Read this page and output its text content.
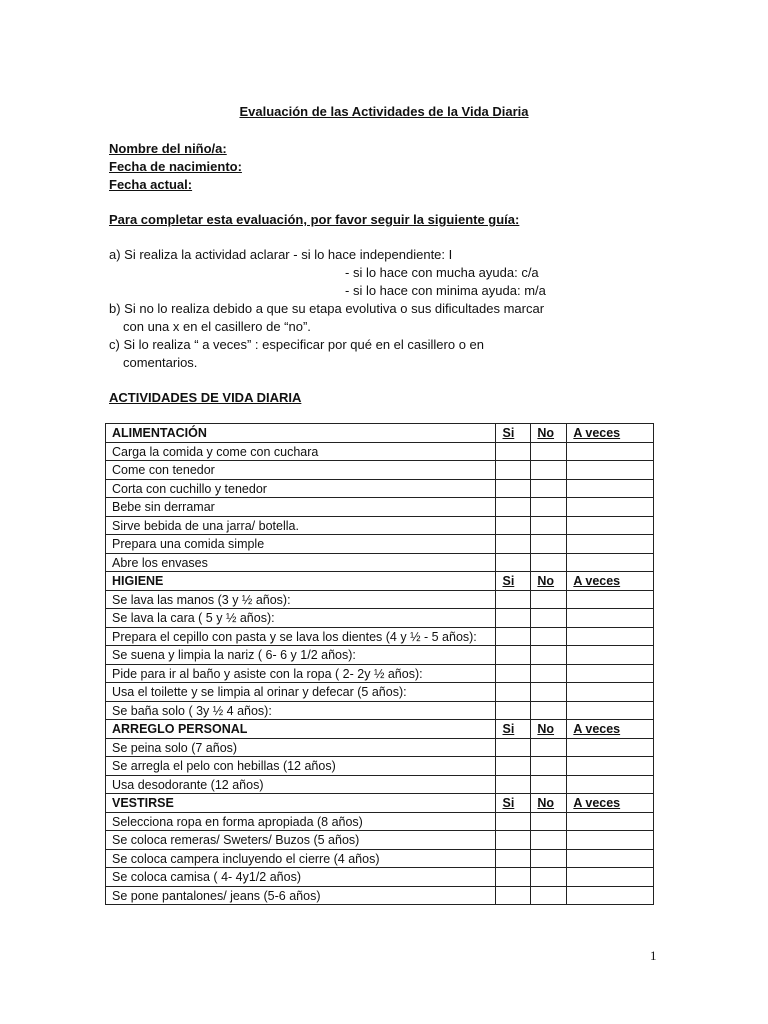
Evaluación de las Actividades de la Vida Diaria
Nombre del niño/a:
Fecha de nacimiento:
Fecha actual:
Para completar esta evaluación, por favor seguir la siguiente guía:
a) Si realiza la actividad aclarar - si lo hace independiente: I
- si lo hace con mucha ayuda: c/a
- si lo hace con minima ayuda: m/a
b) Si no lo realiza debido a que su etapa evolutiva o sus dificultades marcar
con una x en el casillero de “no”.
c) Si lo realiza “ a veces” : especificar por qué en el casillero o en
comentarios.
ACTIVIDADES DE VIDA DIARIA
ALIMENTACIÓN	Si	No	A veces
Carga la comida y come con cuchara			
Come con tenedor			
Corta con cuchillo y tenedor			
Bebe sin derramar			
Sirve bebida de una jarra/ botella.			
Prepara una comida simple			
Abre los envases			
HIGIENE	Si	No	A veces
Se lava las manos (3 y ½ años):			
Se lava la cara ( 5 y ½ años):			
Prepara el cepillo con pasta y se lava los dientes (4 y ½ - 5 años):			
Se suena y limpia la nariz ( 6- 6 y 1/2 años):			
Pide para ir al baño y asiste con la ropa ( 2- 2y ½ años):			
Usa el toilette y se limpia al orinar y defecar (5 años):			
Se baña solo ( 3y ½ 4 años):			
ARREGLO PERSONAL	Si	No	A veces
Se peina solo (7 años)			
Se arregla el pelo con hebillas (12 años)			
Usa desodorante (12 años)			
VESTIRSE	Si	No	A veces
Selecciona ropa en forma apropiada (8 años)			
Se coloca remeras/ Sweters/ Buzos (5 años)			
Se coloca campera incluyendo el cierre (4 años)			
Se coloca camisa ( 4- 4y1/2 años)			
Se pone pantalones/ jeans (5-6 años)			
1
